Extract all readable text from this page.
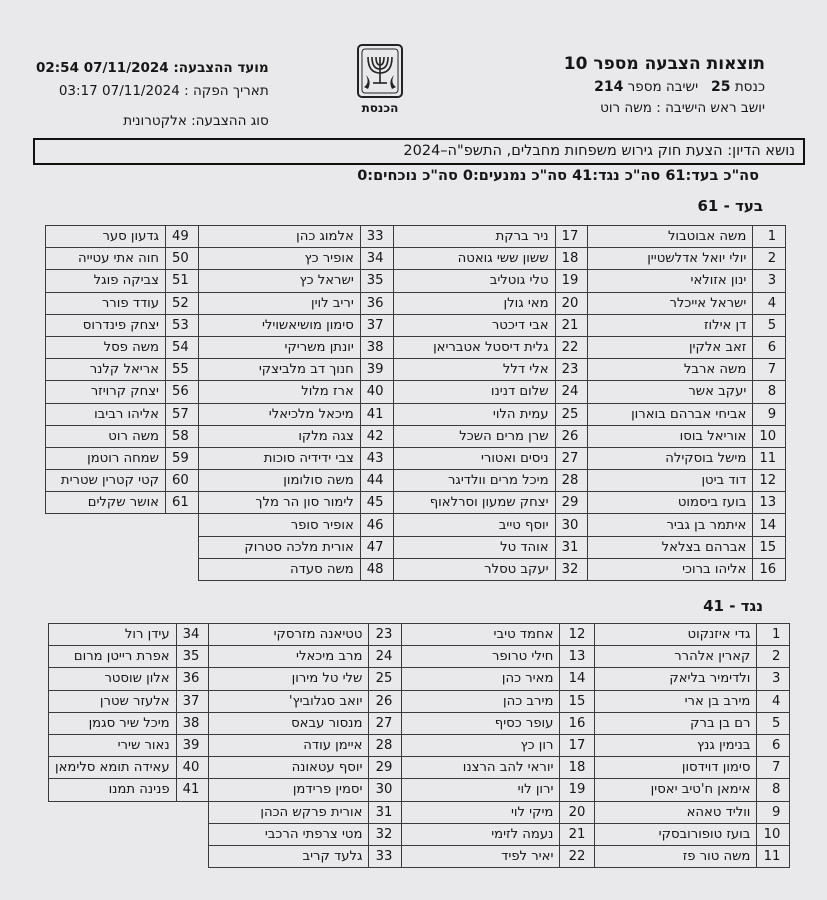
תוצאות הצבעה מספר 10
כנסת 25   ישיבה מספר 214
יושב ראש הישיבה : משה רוט
הכנסת
מועד ההצבעה: 07/11/2024 02:54
תאריך הפקה : 07/11/2024 03:17
סוג ההצבעה: אלקטרונית
נושא הדיון: הצעת חוק גירוש משפחות מחבלים, התשפ"ה–2024
סה"כ בעד:61 סה"כ נגד:41 סה"כ נמנעים:0 סה"כ נוכחים:0
בעד - 61
1	משה אבוטבול	17	ניר ברקת	33	אלמוג כהן	49	גדעון סער
2	יולי יואל אדלשטיין	18	ששון ששי גואטה	34	אופיר כץ	50	חוה אתי עטייה
3	ינון אזולאי	19	טלי גוטליב	35	ישראל כץ	51	צביקה פוגל
4	ישראל אייכלר	20	מאי גולן	36	יריב לוין	52	עודד פורר
5	דן אילוז	21	אבי דיכטר	37	סימון מושיאשוילי	53	יצחק פינדרוס
6	זאב אלקין	22	גלית דיסטל אטבריאן	38	יונתן משריקי	54	משה פסל
7	משה ארבל	23	אלי דלל	39	חנוך דב מלביצקי	55	אריאל קלנר
8	יעקב אשר	24	שלום דנינו	40	ארז מלול	56	יצחק קרויזר
9	אביחי אברהם בוארון	25	עמית הלוי	41	מיכאל מלכיאלי	57	אליהו רביבו
10	אוריאל בוסו	26	שרן מרים השכל	42	צגה מלקו	58	משה רוט
11	מישל בוסקילה	27	ניסים ואטורי	43	צבי ידידיה סוכות	59	שמחה רוטמן
12	דוד ביטן	28	מיכל מרים וולדיגר	44	משה סולומון	60	קטי קטרין שטרית
13	בועז ביסמוט	29	יצחק שמעון וסרלאוף	45	לימור סון הר מלך	61	אושר שקלים
14	איתמר בן גביר	30	יוסף טייב	46	אופיר סופר		
15	אברהם בצלאל	31	אוהד טל	47	אורית מלכה סטרוק		
16	אליהו ברוכי	32	יעקב טסלר	48	משה סעדה		
נגד - 41
1	גדי איזנקוט	12	אחמד טיבי	23	טטיאנה מזרסקי	34	עידן רול
2	קארין אלהרר	13	חילי טרופר	24	מרב מיכאלי	35	אפרת רייטן מרום
3	ולדימיר בליאק	14	מאיר כהן	25	שלי טל מירון	36	אלון שוסטר
4	מירב בן ארי	15	מירב כהן	26	יואב סגלוביץ'	37	אלעזר שטרן
5	רם בן ברק	16	עופר כסיף	27	מנסור עבאס	38	מיכל שיר סגמן
6	בנימין גנץ	17	רון כץ	28	איימן עודה	39	נאור שירי
7	סימון דוידסון	18	יוראי להב הרצנו	29	יוסף עטאונה	40	עאידה תומא סלימאן
8	אימאן ח'טיב יאסין	19	ירון לוי	30	יסמין פרידמן	41	פנינה תמנו
9	ווליד טאהא	20	מיקי לוי	31	אורית פרקש הכהן		
10	בועז טופורובסקי	21	נעמה לזימי	32	מטי צרפתי הרכבי		
11	משה טור פז	22	יאיר לפיד	33	גלעד קריב		
